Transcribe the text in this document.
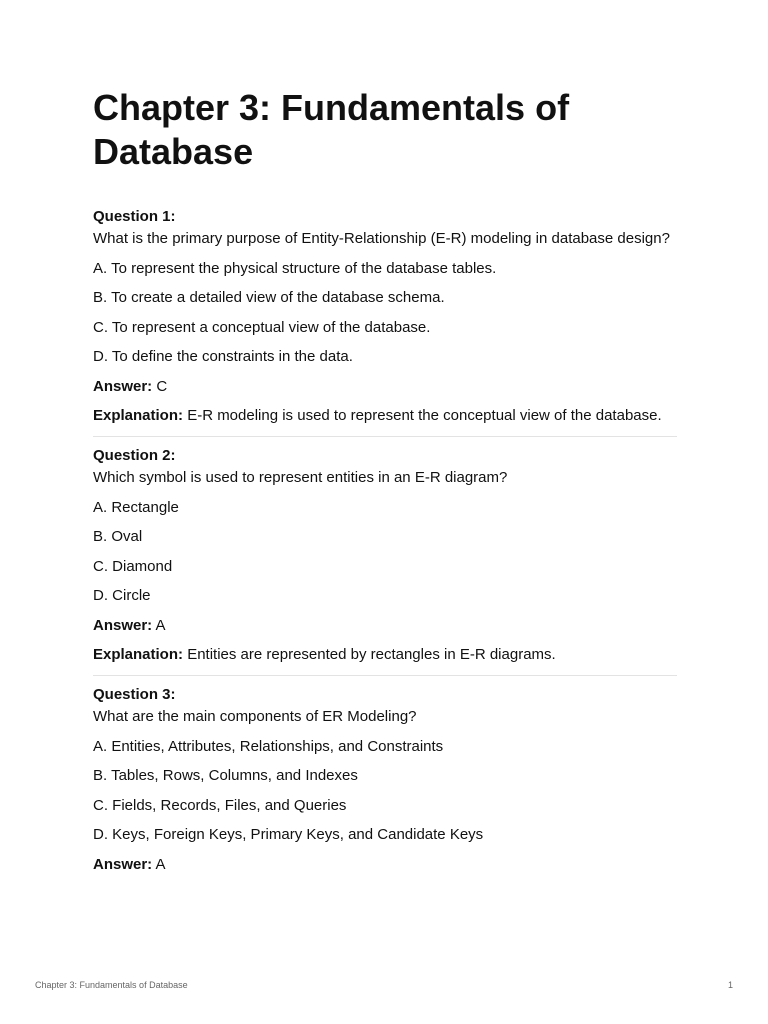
Chapter 3: Fundamentals of Database
Question 1:
What is the primary purpose of Entity-Relationship (E-R) modeling in database design?
A. To represent the physical structure of the database tables.
B. To create a detailed view of the database schema.
C. To represent a conceptual view of the database.
D. To define the constraints in the data.
Answer: C
Explanation: E-R modeling is used to represent the conceptual view of the database.
Question 2:
Which symbol is used to represent entities in an E-R diagram?
A. Rectangle
B. Oval
C. Diamond
D. Circle
Answer: A
Explanation: Entities are represented by rectangles in E-R diagrams.
Question 3:
What are the main components of ER Modeling?
A. Entities, Attributes, Relationships, and Constraints
B. Tables, Rows, Columns, and Indexes
C. Fields, Records, Files, and Queries
D. Keys, Foreign Keys, Primary Keys, and Candidate Keys
Answer: A
Chapter 3: Fundamentals of Database	1
